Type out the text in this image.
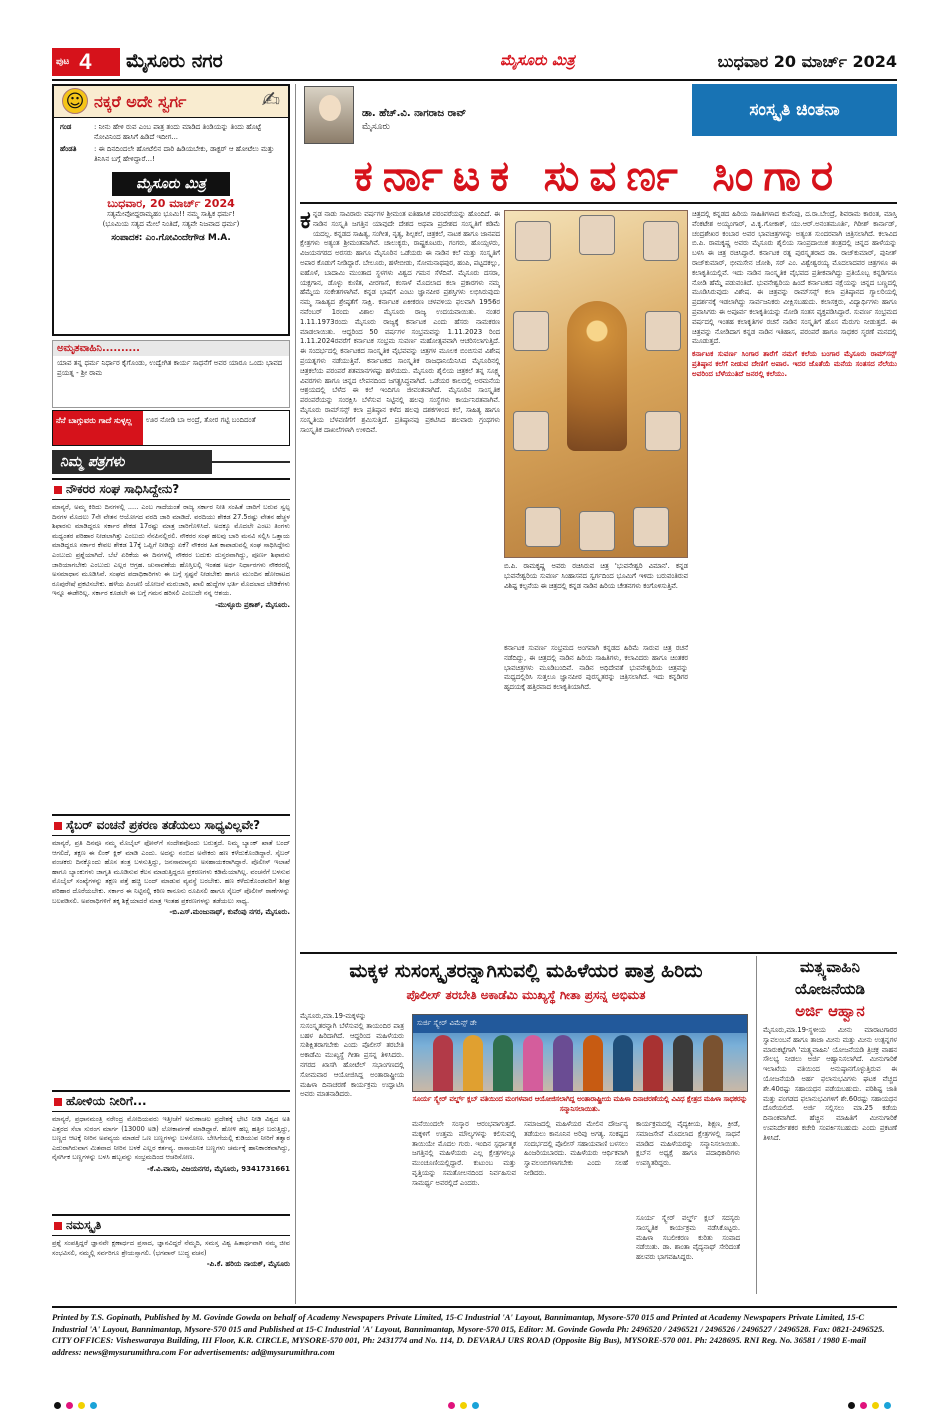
ಪುಟ 4 ಮೈಸೂರು ನಗರ	ಮೈಸೂರು ಮಿತ್ರ	ಬುಧವಾರ 20 ಮಾರ್ಚ್ 2024
☺ ನಕ್ಕರೆ ಅದೇ ಸ್ವರ್ಗ	✍
ಗಂಡ	: ನೀನು ಹೇಳಿ ರುವ ಎಂಬ ಪಾತ್ರ ತಂದು ಮಾಡಿದ ತಿಂಡಿಯನ್ನು ತಿಂದು ಹೊಟ್ಟೆ ನೋವಿನಿಂದ ಹಾಸಿಗೆ ಹಿಡಿದೆ ಇದೀಗ...
ಹೆಂಡತಿ	: ಈ ದಿನದಿಂದಲೇ ಹೋಟೆಲಿನ ದಾರಿ ಹಿಡಿಯಬೇಕು, ಡಾಕ್ಟರ್ ಆ ಹೋಟೆಲು ಮತ್ತು ತಿನಿಸಿನ ಬಗ್ಗೆ ಹೇಳಿದ್ದಾರೆ...!
ಮೈಸೂರು ಮಿತ್ರ
ಬುಧವಾರ, 20 ಮಾರ್ಚ್ 2024
ಸತ್ಯಮೇವೋದ್ದರಾಮ್ಯಹಂ ಭೂಮಿ!! ನಮ್ಮ ಸಾತ್ವಿಕ ಧರ್ಮ!
(ಭೂಮಿಯ ಸತ್ಯದ ಮೇಲೆ ನಿಂತಿದೆ, ಸತ್ಯವೇ ನಿಜವಾದ ಧರ್ಮ)
ಸಂಪಾದಕ: ಎಂ.ಗೋವಿಂದೇಗೌಡ M.A.
ಅಮೃತವಾಹಿನಿ..........
ಯಾವ ತನ್ನ ಧರ್ಮ ನಿರ್ಧಾರ ಕೈಗೊಂಡು, ಉದ್ವೇಗಿತ ಕಾರ್ಯ ಸಾಧನೆಗೆ ಅವರ ಯಾರೂ ಒಂದು ಭಾವದ ಪ್ರಯತ್ನ - ಶ್ರೀ ರಾಮ
ನೆನೆ ಬಾಗ್ಗುವರು ಗಾದೆ ಸುಳ್ಳಲ್ಲ	ಊರ ನೋಡಿ ಬಾ ಅಂದ್ರೆ, ತೋರ ಗಟ್ಟಿ ಬಂದಿದಂತೆ
ನಿಮ್ಮ ಪತ್ರಗಳು
ನೌಕರರ ಸಂಘ ಸಾಧಿಸಿದ್ದೇನು?
ಮಾನ್ಯರೆ, ಅಮ್ಮ ಕಿರಿದು ದಿನಗಳಲ್ಲಿ ..... ಎಂಬ ಗಾದೆಯಂತೆ ರಾಜ್ಯ ಸರ್ಕಾರ ನೀತಿ ಸಂಹಿತೆ ಜಾರಿಗೆ ಬರುವ ಸ್ವಲ್ಪ ದಿನಗಳ ಮೊದಲು 7ನೇ ವೇತನ ಆಯೋಗದ ವರದಿ ಜಾರಿ ಮಾಡಿದೆ. ವರದಿಯು ಶೇಕಡ 27.5ರಷ್ಟು ವೇತನ ಹೆಚ್ಚಳ ಶಿಫಾರಸು ಮಾಡಿದ್ದರೂ ಸರ್ಕಾರ ಶೇಕಡ 17ರಷ್ಟು ಮಾತ್ರ ಜಾರಿಗೊಳಿಸಿದೆ. ಅದಕ್ಕೂ ಮೊದಲೇ ಎಂಟು ತಿಂಗಳು ಮಧ್ಯಂತರ ಪರಿಹಾರ ನೀಡಲಾಗಿತ್ತು ಎಂಬುದು ನೆನಪಿನಲ್ಲಿರಲಿ. ನೌಕರರ ಸಂಘ ಹಲವು ಬಾರಿ ಮನವಿ ಸಲ್ಲಿಸಿ ಒತ್ತಾಯ ಮಾಡಿದ್ದರೂ ಸರ್ಕಾರ ಕೇವಲ ಶೇಕಡ 17ಕ್ಕೆ ಒಪ್ಪಿಗೆ ನೀಡಿದ್ದು ಏಕೆ? ನೌಕರರ ಹಿತ ಕಾಪಾಡುವಲ್ಲಿ ಸಂಘ ಸಾಧಿಸಿದ್ದೇನು ಎಂಬುದು ಪ್ರಶ್ನೆಯಾಗಿದೆ. ಬೆಲೆ ಏರಿಕೆಯ ಈ ದಿನಗಳಲ್ಲಿ ನೌಕರರ ಬದುಕು ದುಸ್ತರವಾಗಿದ್ದು, ಪೂರ್ಣ ಶಿಫಾರಸು ಜಾರಿಯಾಗಬೇಕು ಎಂಬುದು ಎಲ್ಲರ ಆಗ್ರಹ. ಚುನಾವಣೆಯ ಹೊಸ್ತಿಲಲ್ಲಿ ಇಂತಹ ಅರ್ಧ ನಿರ್ಧಾರಗಳು ನೌಕರರಲ್ಲಿ ಅಸಮಾಧಾನ ಮೂಡಿಸಿವೆ. ಸಂಘದ ಪದಾಧಿಕಾರಿಗಳು ಈ ಬಗ್ಗೆ ಸ್ಪಷ್ಟನೆ ನೀಡಬೇಕು ಹಾಗೂ ಮುಂದಿನ ಹೋರಾಟದ ರೂಪುರೇಷೆ ಪ್ರಕಟಿಸಬೇಕು. ಹಳೆಯ ಪಿಂಚಣಿ ಯೋಜನೆ ಮರುಜಾರಿ, ಖಾಲಿ ಹುದ್ದೆಗಳ ಭರ್ತಿ ಮೊದಲಾದ ಬೇಡಿಕೆಗಳು ಇನ್ನೂ ಈಡೇರಿಲ್ಲ. ಸರ್ಕಾರ ಕೂಡಲೇ ಈ ಬಗ್ಗೆ ಗಮನ ಹರಿಸಲಿ ಎಂಬುದೇ ನನ್ನ ಆಶಯ.
-ಮುಳ್ಳೂರು ಪ್ರಕಾಶ್, ಮೈಸೂರು.
ಸೈಬರ್ ವಂಚನೆ ಪ್ರಕರಣ ತಡೆಯಲು ಸಾಧ್ಯವಿಲ್ಲವೇ?
ಮಾನ್ಯರೆ, ಪ್ರತಿ ದಿನವೂ ನಮ್ಮ ಮೊಬೈಲ್ ಫೋನ್‌ಗೆ ಸಂದೇಶವೊಂದು ಬರುತ್ತದೆ. ನಿಮ್ಮ ಬ್ಯಾಂಕ್ ಖಾತೆ ಬಂದ್ ಆಗಲಿದೆ, ತಕ್ಷಣ ಈ ಲಿಂಕ್ ಕ್ಲಿಕ್ ಮಾಡಿ ಎಂದು. ಅದನ್ನು ನಂಬಿದ ಅನೇಕರು ಹಣ ಕಳೆದುಕೊಂಡಿದ್ದಾರೆ. ಸೈಬರ್ ವಂಚಕರು ದಿನಕ್ಕೊಂದು ಹೊಸ ತಂತ್ರ ಬಳಸುತ್ತಿದ್ದು, ಜನಸಾಮಾನ್ಯರು ಅಸಹಾಯಕರಾಗಿದ್ದಾರೆ. ಪೊಲೀಸ್ ಇಲಾಖೆ ಹಾಗೂ ಬ್ಯಾಂಕುಗಳು ಜಾಗೃತಿ ಮೂಡಿಸುವ ಕೆಲಸ ಮಾಡುತ್ತಿದ್ದರೂ ಪ್ರಕರಣಗಳು ಕಡಿಮೆಯಾಗಿಲ್ಲ. ವಂಚನೆಗೆ ಬಳಸುವ ಮೊಬೈಲ್ ಸಂಖ್ಯೆಗಳನ್ನು ತಕ್ಷಣ ಪತ್ತೆ ಹಚ್ಚಿ ಬಂದ್ ಮಾಡುವ ವ್ಯವಸ್ಥೆ ಬರಬೇಕು. ಹಣ ಕಳೆದುಕೊಂಡವರಿಗೆ ಶೀಘ್ರ ಪರಿಹಾರ ದೊರೆಯಬೇಕು. ಸರ್ಕಾರ ಈ ನಿಟ್ಟಿನಲ್ಲಿ ಕಠಿಣ ಕಾನೂನು ರೂಪಿಸಲಿ ಹಾಗೂ ಸೈಬರ್ ಪೊಲೀಸ್ ಠಾಣೆಗಳನ್ನು ಬಲಪಡಿಸಲಿ. ಅಪರಾಧಿಗಳಿಗೆ ತಕ್ಕ ಶಿಕ್ಷೆಯಾದರೆ ಮಾತ್ರ ಇಂತಹ ಪ್ರಕರಣಗಳನ್ನು ತಡೆಯಲು ಸಾಧ್ಯ.
-ಬಿ.ಎಸ್.ಮಂಜುನಾಥ್, ಕುವೆಂಪು ನಗರ, ಮೈಸೂರು.
ಹೋಳಿಯ ನೀರಿಗೆ...
ಮಾನ್ಯರೆ, ಪ್ರಧಾನಮಂತ್ರಿ ನರೇಂದ್ರ ಮೋದಿಯವರು ಇತ್ತೀಚೆಗೆ ಅರುಣಾಚಲ ಪ್ರದೇಶಕ್ಕೆ ಭೇಟಿ ನೀಡಿ ವಿಶ್ವದ ಅತಿ ಎತ್ತರದ ಸೆಲಾ ಸುರಂಗ ಮಾರ್ಗ (13000 ಅಡಿ) ಲೋಕಾರ್ಪಣೆ ಮಾಡಿದ್ದಾರೆ. ಹೋಳಿ ಹಬ್ಬ ಹತ್ತಿರ ಬರುತ್ತಿದ್ದು, ಬಣ್ಣದ ಆಟಕ್ಕೆ ನೀರಿನ ಅಪವ್ಯಯ ಮಾಡದೆ ಒಣ ಬಣ್ಣಗಳನ್ನು ಬಳಸೋಣ. ಬೇಸಿಗೆಯಲ್ಲಿ ಕುಡಿಯುವ ನೀರಿಗೆ ತತ್ವಾರ ಎದುರಾಗಿರುವಾಗ ಮಿತವಾದ ನೀರಿನ ಬಳಕೆ ಎಲ್ಲರ ಕರ್ತವ್ಯ. ರಾಸಾಯನಿಕ ಬಣ್ಣಗಳು ಚರ್ಮಕ್ಕೆ ಹಾನಿಕಾರಕವಾಗಿದ್ದು, ನೈಸರ್ಗಿಕ ಬಣ್ಣಗಳನ್ನು ಬಳಸಿ ಹಬ್ಬವನ್ನು ಸಂಭ್ರಮದಿಂದ ಆಚರಿಸೋಣ.
-ಕೆ.ವಿ.ವಾಸು, ವಿಜಯನಗರ, ಮೈಸೂರು, 9341731661
ನಮಸ್ಕೃತಿ
ಪ್ರಶ್ನೆ ಸಂಪತ್ತಿದ್ದರೆ ಜ್ಞಾನವೇ ಕ್ಷಣಾರ್ಧದ ಪ್ರಸಾದ, ಜ್ಞಾನವಿದ್ದರೆ ನೆಮ್ಮದಿ, ಸಮಸ್ತ ವಿಶ್ವ ಹಿತಾರ್ಥವಾಗಿ ನಮ್ಮ ಜೀವ ಸಂಭವಿಸಲಿ, ನಮ್ಮಲ್ಲಿ ಸರ್ವರಿಗೂ ಶ್ರೇಯಸ್ಸಾಗಲಿ. (ಭಗವಾನ್ ಬುದ್ಧ ವಚನ)
-ಪಿ.ಕೆ. ಹರಿಯ ನಾಯಕ್, ಮೈಸೂರು
ಡಾ. ಹೆಚ್.ವಿ. ನಾಗರಾಜ ರಾವ್
ಮೈಸೂರು
ಸಂಸ್ಕೃತಿ ಚಿಂತನಾ
ಕರ್ನಾಟಕ ಸುವರ್ಣ ಸಿಂಗಾರ

ಕನ್ನಡ ನಾಡು ಸಾವಿರಾರು ವರ್ಷಗಳ ಶ್ರೀಮಂತ ಐತಿಹಾಸಿಕ ಪರಂಪರೆಯನ್ನು ಹೊಂದಿದೆ. ಈ ನಾಡಿನ ಸಂಸ್ಕೃತಿ ಜಗತ್ತಿನ ಯಾವುದೇ ದೇಶದ ಅಥವಾ ಪ್ರದೇಶದ ಸಂಸ್ಕೃತಿಗೆ ಕಡಿಮೆ ಯದಲ್ಲ. ಕನ್ನಡದ ಸಾಹಿತ್ಯ, ಸಂಗೀತ, ನೃತ್ಯ, ಶಿಲ್ಪಕಲೆ, ಚಿತ್ರಕಲೆ, ನಾಟಕ ಹಾಗೂ ಜಾನಪದ ಕ್ಷೇತ್ರಗಳು ಅತ್ಯಂತ ಶ್ರೀಮಂತವಾಗಿವೆ. ಚಾಲುಕ್ಯರು, ರಾಷ್ಟ್ರಕೂಟರು, ಗಂಗರು, ಹೊಯ್ಸಳರು, ವಿಜಯನಗರದ ಅರಸರು ಹಾಗೂ ಮೈಸೂರಿನ ಒಡೆಯರು ಈ ನಾಡಿನ ಕಲೆ ಮತ್ತು ಸಂಸ್ಕೃತಿಗೆ ಅಪಾರ ಕೊಡುಗೆ ನೀಡಿದ್ದಾರೆ. ಬೇಲೂರು, ಹಳೇಬೀಡು, ಸೋಮನಾಥಪುರ, ಹಂಪಿ, ಪಟ್ಟದಕಲ್ಲು, ಐಹೊಳೆ, ಬಾದಾಮಿ ಮುಂತಾದ ಸ್ಥಳಗಳು ವಿಶ್ವದ ಗಮನ ಸೆಳೆದಿವೆ. ಮೈಸೂರು ದಸರಾ, ಯಕ್ಷಗಾನ, ಡೊಳ್ಳು ಕುಣಿತ, ವೀರಗಾಸೆ, ಕಂಸಾಳೆ ಮೊದಲಾದ ಕಲಾ ಪ್ರಕಾರಗಳು ನಮ್ಮ ಹೆಮ್ಮೆಯ ಸಂಕೇತಗಳಾಗಿವೆ. ಕನ್ನಡ ಭಾಷೆಗೆ ಎಂಟು ಜ್ಞಾನಪೀಠ ಪ್ರಶಸ್ತಿಗಳು ಲಭಿಸಿರುವುದು ನಮ್ಮ ಸಾಹಿತ್ಯದ ಶ್ರೇಷ್ಠತೆಗೆ ಸಾಕ್ಷಿ. ಕರ್ನಾಟಕ ಏಕೀಕರಣ ಚಳವಳಿಯ ಫಲವಾಗಿ 1956ರ ನವೆಂಬರ್ 1ರಂದು ವಿಶಾಲ ಮೈಸೂರು ರಾಜ್ಯ ಉದಯವಾಯಿತು. ನಂತರ 1.11.1973ರಂದು ಮೈಸೂರು ರಾಜ್ಯಕ್ಕೆ ಕರ್ನಾಟಕ ಎಂದು ಹೆಸರು ನಾಮಕರಣ ಮಾಡಲಾಯಿತು. ಆದ್ದರಿಂದ 50 ವರ್ಷಗಳ ಸಂಭ್ರಮವನ್ನು 1.11.2023 ರಿಂದ 1.11.2024ರವರೆಗೆ ಕರ್ನಾಟಕ ಸಂಭ್ರಮ ಸುವರ್ಣ ಮಹೋತ್ಸವವಾಗಿ ಆಚರಿಸಲಾಗುತ್ತಿದೆ. ಈ ಸಂದರ್ಭದಲ್ಲಿ ಕರ್ನಾಟಕದ ಸಾಂಸ್ಕೃತಿಕ ವೈಭವವನ್ನು ಚಿತ್ರಗಳ ಮೂಲಕ ಬಿಂಬಿಸುವ ವಿಶೇಷ ಪ್ರಯತ್ನಗಳು ನಡೆಯುತ್ತಿವೆ. ಕರ್ನಾಟಕದ ಸಾಂಸ್ಕೃತಿಕ ರಾಜಧಾನಿಯೆನಿಸಿದ ಮೈಸೂರಿನಲ್ಲಿ ಚಿತ್ರಕಲೆಯ ಪರಂಪರೆ ಶತಮಾನಗಳಷ್ಟು ಹಳೆಯದು. ಮೈಸೂರು ಶೈಲಿಯ ಚಿತ್ರಕಲೆ ತನ್ನ ಸೂಕ್ಷ್ಮ ವಿವರಗಳು ಹಾಗೂ ಚಿನ್ನದ ಲೇಪನದಿಂದ ಜಗತ್ಪ್ರಸಿದ್ಧವಾಗಿದೆ. ಒಡೆಯರ ಕಾಲದಲ್ಲಿ ಅರಮನೆಯ ಆಶ್ರಯದಲ್ಲಿ ಬೆಳೆದ ಈ ಕಲೆ ಇಂದಿಗೂ ಜೀವಂತವಾಗಿದೆ. ಮೈಸೂರಿನ ಸಾಂಸ್ಕೃತಿಕ ಪರಂಪರೆಯನ್ನು ಸಂರಕ್ಷಿಸಿ ಬೆಳೆಸುವ ನಿಟ್ಟಿನಲ್ಲಿ ಹಲವು ಸಂಸ್ಥೆಗಳು ಕಾರ್ಯನಿರತವಾಗಿವೆ. ಮೈಸೂರು ರಾಮ್‌ಸನ್ಸ್ ಕಲಾ ಪ್ರತಿಷ್ಠಾನ ಕಳೆದ ಹಲವು ದಶಕಗಳಿಂದ ಕಲೆ, ಸಾಹಿತ್ಯ ಹಾಗೂ ಸಂಸ್ಕೃತಿಯ ಬೆಳವಣಿಗೆಗೆ ಶ್ರಮಿಸುತ್ತಿದೆ. ಪ್ರತಿಷ್ಠಾನವು ಪ್ರಕಟಿಸಿದ ಹಲವಾರು ಗ್ರಂಥಗಳು ಸಾಂಸ್ಕೃತಿಕ ದಾಖಲೆಗಳಾಗಿ ಉಳಿದಿವೆ.

ಬಿ.ಪಿ. ರಾಮಕೃಷ್ಣ ಅವರು ರಚಿಸಿರುವ ಚಿತ್ರ 'ಭುವನೇಶ್ವರಿ ವಿಮಾನ'. ಕನ್ನಡ ಭುವನೇಶ್ವರಿಯ ಸುವರ್ಣ ಸಿಂಹಾಸನದ ಸ್ವರ್ಗದಿಂದ ಭೂಮಿಗೆ ಇಳಿದು ಬರುವಂತಿರುವ ವಿಶಿಷ್ಟ ಕಲ್ಪನೆಯ ಈ ಚಿತ್ರದಲ್ಲಿ ಕನ್ನಡ ನಾಡಿನ ಹಿರಿಯ ಚೇತನಗಳು ಕಂಗೊಳಿಸುತ್ತಿವೆ.

ಕರ್ನಾಟಕ ಸುವರ್ಣ ಸಂಭ್ರಮದ ಅಂಗವಾಗಿ ಕನ್ನಡದ ಹಿರಿಮೆ ಸಾರುವ ಚಿತ್ರ ರಚನೆ ನಡೆದಿದ್ದು, ಈ ಚಿತ್ರದಲ್ಲಿ ನಾಡಿನ ಹಿರಿಯ ಸಾಹಿತಿಗಳು, ಕಲಾವಿದರು ಹಾಗೂ ಚಿಂತಕರ ಭಾವಚಿತ್ರಗಳು ಮೂಡಿಬಂದಿವೆ. ನಾಡಿನ ಅಧಿದೇವತೆ ಭುವನೇಶ್ವರಿಯ ಚಿತ್ರವನ್ನು ಮಧ್ಯದಲ್ಲಿರಿಸಿ ಸುತ್ತಲೂ ಜ್ಞಾನಪೀಠ ಪುರಸ್ಕೃತರನ್ನು ಚಿತ್ರಿಸಲಾಗಿದೆ. ಇದು ಕನ್ನಡಿಗರ ಹೃದಯಕ್ಕೆ ಹತ್ತಿರವಾದ ಕಲಾಕೃತಿಯಾಗಿದೆ.

ಚಿತ್ರದಲ್ಲಿ ಕನ್ನಡದ ಹಿರಿಯ ಸಾಹಿತಿಗಳಾದ ಕುವೆಂಪು, ದ.ರಾ.ಬೇಂದ್ರೆ, ಶಿವರಾಮ ಕಾರಂತ, ಮಾಸ್ತಿ ವೆಂಕಟೇಶ ಅಯ್ಯಂಗಾರ್, ವಿ.ಕೃ.ಗೋಕಾಕ್, ಯು.ಆರ್.ಅನಂತಮೂರ್ತಿ, ಗಿರೀಶ್ ಕಾರ್ನಾಡ್, ಚಂದ್ರಶೇಖರ ಕಂಬಾರ ಅವರ ಭಾವಚಿತ್ರಗಳನ್ನು ಅತ್ಯಂತ ಸುಂದರವಾಗಿ ಚಿತ್ರಿಸಲಾಗಿದೆ. ಕಲಾವಿದ ಬಿ.ಪಿ. ರಾಮಕೃಷ್ಣ ಅವರು ಮೈಸೂರು ಶೈಲಿಯ ಸಾಂಪ್ರದಾಯಿಕ ತಂತ್ರದಲ್ಲಿ ಚಿನ್ನದ ಹಾಳೆಯನ್ನು ಬಳಸಿ ಈ ಚಿತ್ರ ರಚಿಸಿದ್ದಾರೆ. ಕರ್ನಾಟಕ ರತ್ನ ಪುರಸ್ಕೃತರಾದ ಡಾ. ರಾಜ್‌ಕುಮಾರ್, ಪುನೀತ್ ರಾಜ್‌ಕುಮಾರ್, ಭೀಮಸೇನ ಜೋಶಿ, ಸರ್ ಎಂ. ವಿಶ್ವೇಶ್ವರಯ್ಯ ಮೊದಲಾದವರ ಚಿತ್ರಗಳೂ ಈ ಕಲಾಕೃತಿಯಲ್ಲಿವೆ. ಇದು ನಾಡಿನ ಸಾಂಸ್ಕೃತಿಕ ವೈಭವದ ಪ್ರತೀಕವಾಗಿದ್ದು ಪ್ರತಿಯೊಬ್ಬ ಕನ್ನಡಿಗನೂ ನೋಡಿ ಹೆಮ್ಮೆ ಪಡುವಂತಿದೆ. ಭುವನೇಶ್ವರಿಯ ಹಿಂದೆ ಕರ್ನಾಟಕದ ನಕ್ಷೆಯನ್ನು ಚಿನ್ನದ ಬಣ್ಣದಲ್ಲಿ ಮೂಡಿಸಿರುವುದು ವಿಶೇಷ. ಈ ಚಿತ್ರವನ್ನು ರಾಮ್‌ಸನ್ಸ್ ಕಲಾ ಪ್ರತಿಷ್ಠಾನದ ಗ್ಯಾಲರಿಯಲ್ಲಿ ಪ್ರದರ್ಶನಕ್ಕೆ ಇಡಲಾಗಿದ್ದು ಸಾರ್ವಜನಿಕರು ವೀಕ್ಷಿಸಬಹುದು. ಕಲಾಸಕ್ತರು, ವಿದ್ಯಾರ್ಥಿಗಳು ಹಾಗೂ ಪ್ರವಾಸಿಗರು ಈ ಅಪೂರ್ವ ಕಲಾಕೃತಿಯನ್ನು ನೋಡಿ ಸಂತಸ ವ್ಯಕ್ತಪಡಿಸಿದ್ದಾರೆ. ಸುವರ್ಣ ಸಂಭ್ರಮದ ವರ್ಷದಲ್ಲಿ ಇಂತಹ ಕಲಾಕೃತಿಗಳ ರಚನೆ ನಾಡಿನ ಸಂಸ್ಕೃತಿಗೆ ಹೊಸ ಮೆರುಗು ನೀಡುತ್ತದೆ. ಈ ಚಿತ್ರವನ್ನು ನೋಡಿದಾಗ ಕನ್ನಡ ನಾಡಿನ ಇತಿಹಾಸ, ಪರಂಪರೆ ಹಾಗೂ ಸಾಧಕರ ಸ್ಮರಣೆ ಮನದಲ್ಲಿ ಮೂಡುತ್ತದೆ.

ಕರ್ನಾಟಕ ಸುವರ್ಣ ಸಿಂಗಾರ ತಾರೆಗೆ ನಮಗೆ ಕಲೆಯ ಬಂಗಾರ ಮೈಸೂರು ರಾಮ್‌ಸನ್ಸ್ ಪ್ರತಿಷ್ಠಾನ ಕಲೆಗೆ ನೀಡುವ ದೇಣಿಗೆ ಅಪಾರ. ಇದರ ಜೊತೆಯೆ ಮನೆಯ ಸಂತಸದ ನೆಲೆಯು ಅವರಿಂದ ಬೆಳೆಯುತಿದೆ ಜನರಲ್ಲಿ ಕಲೆಯು.

ಮಕ್ಕಳ ಸುಸಂಸ್ಕೃತರನ್ನಾಗಿಸುವಲ್ಲಿ ಮಹಿಳೆಯರ ಪಾತ್ರ ಹಿರಿದು
ಪೊಲೀಸ್ ತರಬೇತಿ ಅಕಾಡೆಮಿ ಮುಖ್ಯಸ್ಥೆ ಗೀತಾ ಪ್ರಸನ್ನ ಅಭಿಮತ
ಮೈಸೂರು,ಮಾ.19-ಮಕ್ಕಳನ್ನು ಸುಸಂಸ್ಕೃತರನ್ನಾಗಿ ಬೆಳೆಸುವಲ್ಲಿ ತಾಯಂದಿರ ಪಾತ್ರ ಬಹಳ ಹಿರಿದಾಗಿದೆ. ಆದ್ದರಿಂದ ಮಹಿಳೆಯರು ಸುಶಿಕ್ಷಿತರಾಗಬೇಕು ಎಂದು ಪೊಲೀಸ್ ತರಬೇತಿ ಅಕಾಡೆಮಿ ಮುಖ್ಯಸ್ಥೆ ಗೀತಾ ಪ್ರಸನ್ನ ತಿಳಿಸಿದರು. ನಗರದ ಖಾಸಗಿ ಹೋಟೆಲ್ ಸಭಾಂಗಣದಲ್ಲಿ ಸೋಮವಾರ ಆಯೋಜಿಸಿದ್ದ ಅಂತಾರಾಷ್ಟ್ರೀಯ ಮಹಿಳಾ ದಿನಾಚರಣೆ ಕಾರ್ಯಕ್ರಮ ಉದ್ಘಾಟಿಸಿ ಅವರು ಮಾತನಾಡಿದರು.
ಸುರ್ಜಿ ಸ್ಕ್ವೇರ್ ವಿಮೆನ್ಸ್ ಡೇ
ಸೂರ್ಯ ಸ್ಕ್ವೇರ್ ವರ್ಲ್ಡ್ ಕ್ಲಬ್ ವತಿಯಿಂದ ಮಂಗಳವಾರ ಆಯೋಜಿಸಲಾಗಿದ್ದ ಅಂತಾರಾಷ್ಟ್ರೀಯ ಮಹಿಳಾ ದಿನಾಚರಣೆಯಲ್ಲಿ ವಿವಿಧ ಕ್ಷೇತ್ರದ ಮಹಿಳಾ ಸಾಧಕರನ್ನು ಸನ್ಮಾನಿಸಲಾಯಿತು.
ಮನೆಯಿಂದಲೇ ಸಂಸ್ಕಾರ ಆರಂಭವಾಗುತ್ತದೆ. ಮಕ್ಕಳಿಗೆ ಉತ್ತಮ ಮೌಲ್ಯಗಳನ್ನು ಕಲಿಸುವಲ್ಲಿ ತಾಯಿಯೇ ಮೊದಲ ಗುರು. ಇಂದಿನ ಸ್ಪರ್ಧಾತ್ಮಕ ಜಗತ್ತಿನಲ್ಲಿ ಮಹಿಳೆಯರು ಎಲ್ಲ ಕ್ಷೇತ್ರಗಳಲ್ಲೂ ಮುಂಚೂಣಿಯಲ್ಲಿದ್ದಾರೆ. ಕುಟುಂಬ ಮತ್ತು ವೃತ್ತಿಯನ್ನು ಸಮತೋಲನದಿಂದ ನಿರ್ವಹಿಸುವ ಸಾಮರ್ಥ್ಯ ಅವರಲ್ಲಿದೆ ಎಂದರು.
ಸಮಾಜದಲ್ಲಿ ಮಹಿಳೆಯರ ಮೇಲಿನ ದೌರ್ಜನ್ಯ ತಡೆಯಲು ಕಾನೂನಿನ ಅರಿವು ಅಗತ್ಯ. ಸಂಕಷ್ಟದ ಸಂದರ್ಭದಲ್ಲಿ ಪೊಲೀಸ್ ಸಹಾಯವಾಣಿ ಬಳಸಲು ಹಿಂಜರಿಯಬಾರದು. ಮಹಿಳೆಯರು ಆರ್ಥಿಕವಾಗಿ ಸ್ವಾವಲಂಬಿಗಳಾಗಬೇಕು ಎಂದು ಸಲಹೆ ನೀಡಿದರು.
ಕಾರ್ಯಕ್ರಮದಲ್ಲಿ ವೈದ್ಯಕೀಯ, ಶಿಕ್ಷಣ, ಕ್ರೀಡೆ, ಸಮಾಜಸೇವೆ ಮೊದಲಾದ ಕ್ಷೇತ್ರಗಳಲ್ಲಿ ಸಾಧನೆ ಮಾಡಿದ ಮಹಿಳೆಯರನ್ನು ಸನ್ಮಾನಿಸಲಾಯಿತು. ಕ್ಲಬ್‌ನ ಅಧ್ಯಕ್ಷೆ ಹಾಗೂ ಪದಾಧಿಕಾರಿಗಳು ಉಪಸ್ಥಿತರಿದ್ದರು.
ಸೂರ್ಯ ಸ್ಕ್ವೇರ್ ವರ್ಲ್ಡ್ ಕ್ಲಬ್ ಸದಸ್ಯರು ಸಾಂಸ್ಕೃತಿಕ ಕಾರ್ಯಕ್ರಮ ನಡೆಸಿಕೊಟ್ಟರು. ಮಹಿಳಾ ಸಬಲೀಕರಣ ಕುರಿತು ಸಂವಾದ ನಡೆಯಿತು. ಡಾ. ಶಾಂತಾ ವೈದ್ಯನಾಥ್ ಸೇರಿದಂತೆ ಹಲವರು ಭಾಗವಹಿಸಿದ್ದರು.
ಮತ್ಸ್ಯವಾಹಿನಿ
ಯೋಜನೆಯಡಿ
ಅರ್ಜಿ ಆಹ್ವಾನ
ಮೈಸೂರು,ಮಾ.19-ಸ್ಥಳೀಯ ಮೀನು ಮಾರಾಟಗಾರರ ಸ್ವಾವಲಂಬನೆ ಹಾಗೂ ತಾಜಾ ಮೀನು ಮತ್ತು ಮೀನು ಉತ್ಪನ್ನಗಳ ಮಾರುಕಟ್ಟೆಗಾಗಿ 'ಮತ್ಸ್ಯವಾಹಿನಿ' ಯೋಜನೆಯಡಿ ತ್ರಿಚಕ್ರ ವಾಹನ ಸೌಲಭ್ಯ ನೀಡಲು ಅರ್ಜಿ ಆಹ್ವಾನಿಸಲಾಗಿದೆ. ಮೀನುಗಾರಿಕೆ ಇಲಾಖೆಯ ವತಿಯಿಂದ ಅನುಷ್ಠಾನಗೊಳ್ಳುತ್ತಿರುವ ಈ ಯೋಜನೆಯಡಿ ಅರ್ಹ ಫಲಾನುಭವಿಗಳು ಘಟಕ ವೆಚ್ಚದ ಶೇ.40ರಷ್ಟು ಸಹಾಯಧನ ಪಡೆಯಬಹುದು. ಪರಿಶಿಷ್ಟ ಜಾತಿ ಮತ್ತು ಪಂಗಡದ ಫಲಾನುಭವಿಗಳಿಗೆ ಶೇ.60ರಷ್ಟು ಸಹಾಯಧನ ದೊರೆಯಲಿದೆ. ಅರ್ಜಿ ಸಲ್ಲಿಸಲು ಮಾ.25 ಕಡೆಯ ದಿನಾಂಕವಾಗಿದೆ. ಹೆಚ್ಚಿನ ಮಾಹಿತಿಗೆ ಮೀನುಗಾರಿಕೆ ಉಪನಿರ್ದೇಶಕರ ಕಚೇರಿ ಸಂಪರ್ಕಿಸಬಹುದು ಎಂದು ಪ್ರಕಟಣೆ ತಿಳಿಸಿದೆ.
Printed by T.S. Gopinath, Published by M. Govinde Gowda on behalf of Academy Newspapers Private Limited, 15-C Industrial 'A' Layout, Bannimantap, Mysore-570 015 and Printed at Academy Newspapers Private Limited, 15-C Industrial 'A' Layout, Bannimantap, Mysore-570 015 and Published at 15-C Industrial 'A' Layout, Bannimantap, Mysore-570 015, Editor: M. Govinde Gowda Ph: 2496520 / 2496521 / 2496526 / 2496527 / 2496528. Fax: 0821-2496525. CITY OFFICES: Visheswaraya Building, III Floor, K.R. CIRCLE, MYSORE-570 001, Ph: 2431774 and No. 114, D. DEVARAJ URS ROAD (Opposite Big Bus), MYSORE-570 001. Ph: 2428695. RNI Reg. No. 36581 / 1980 E-mail address: news@mysurumithra.com For advertisements: ad@mysurumithra.com
